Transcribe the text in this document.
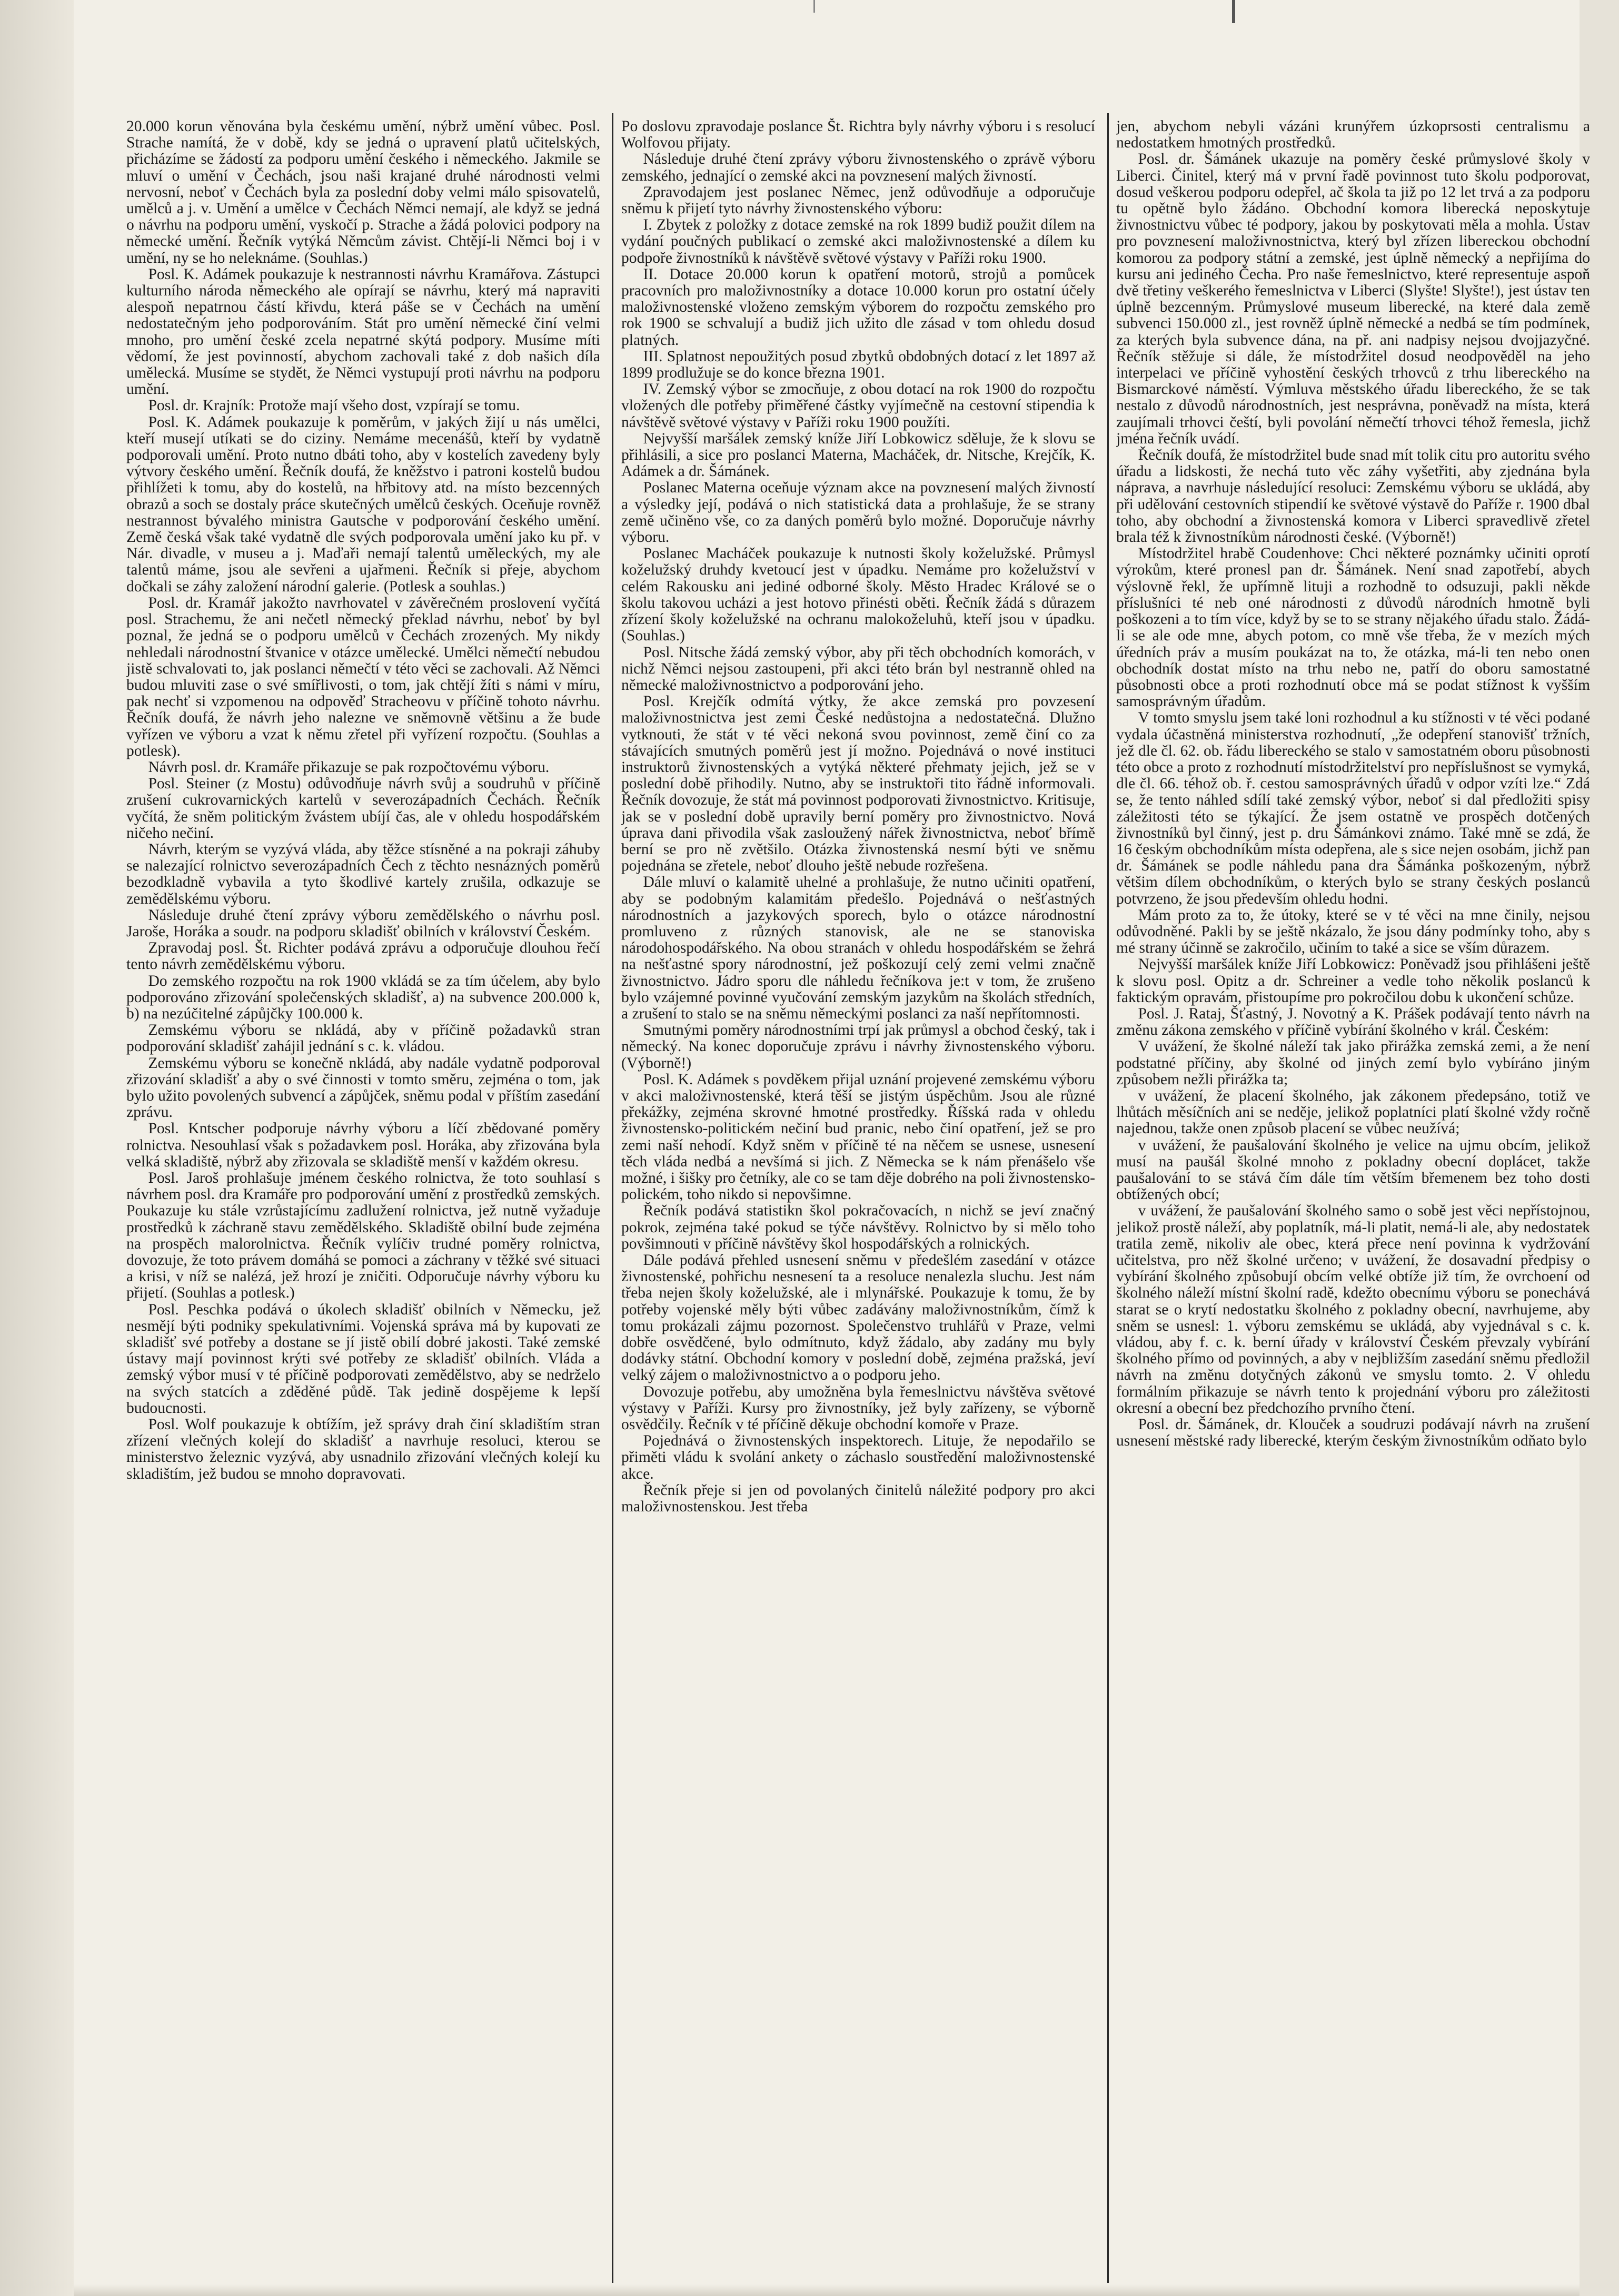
20.000 korun věnována byla českému umění, nýbrž umění vůbec. Posl. Strache namítá, že v době, kdy se jedná o upravení platů učitelských, přicházíme se žádostí za podporu umění českého i německého. Jakmile se mluví o umění v Čechách, jsou naši krajané druhé národnosti velmi nervosní, neboť v Čechách byla za poslední doby velmi málo spisovatelů, umělců a j. v. Umění a umělce v Čechách Němci nemají, ale když se jedná o návrhu na podporu umění, vyskočí p. Strache a žádá polovici podpory na německé umění. Řečník vytýká Němcům závist. Chtějí-li Němci boj i v umění, ny se ho neleknáme. (Souhlas.)

Posl. K. Adámek poukazuje k nestrannosti návrhu Kramářova. Zástupci kulturního národa německého ale opírají se návrhu, který má napraviti alespoň nepatrnou částí křivdu, která páše se v Čechách na umění nedostatečným jeho podporováním. Stát pro umění německé činí velmi mnoho, pro umění české zcela nepatrné skýtá podpory. Musíme míti vědomí, že jest povinností, abychom zachovali také z dob našich díla umělecká. Musíme se stydět, že Němci vystupují proti návrhu na podporu umění.

Posl. dr. Krajník: Protože mají všeho dost, vzpírají se tomu.

Posl. K. Adámek poukazuje k poměrům, v jakých žijí u nás umělci, kteří musejí utíkati se do ciziny. Nemáme mecenášů, kteří by vydatně podporovali umění. Proto nutno dbáti toho, aby v kostelích zavedeny byly výtvory českého umění. Řečník doufá, že kněžstvo i patroni kostelů budou přihlížeti k tomu, aby do kostelů, na hřbitovy atd. na místo bezcenných obrazů a soch se dostaly práce skutečných umělců českých. Oceňuje rovněž nestrannost bývalého ministra Gautsche v podporování českého umění. Země česká však také vydatně dle svých podporovala umění jako ku př. v Nár. divadle, v museu a j. Maďaři nemají talentů uměleckých, my ale talentů máme, jsou ale sevřeni a ujařmeni. Řečník si přeje, abychom dočkali se záhy založení národní galerie. (Potlesk a souhlas.)

Posl. dr. Kramář jakožto navrhovatel v závěrečném proslovení vyčítá posl. Strachemu, že ani nečetl německý překlad návrhu, neboť by byl poznal, že jedná se o podporu umělců v Čechách zrozených. My nikdy nehledali národnostní štvanice v otázce umělecké. Umělci němečtí nebudou jistě schvalovati to, jak poslanci němečtí v této věci se zachovali. Až Němci budou mluviti zase o své smířlivosti, o tom, jak chtějí žíti s námi v míru, pak nechť si vzpomenou na odpověď Stracheovu v příčině tohoto návrhu. Řečník doufá, že návrh jeho nalezne ve sněmovně většinu a že bude vyřízen ve výboru a vzat k němu zřetel při vyřízení rozpočtu. (Souhlas a potlesk).

Návrh posl. dr. Kramáře přikazuje se pak rozpočtovému výboru.

Posl. Steiner (z Mostu) odůvodňuje návrh svůj a soudruhů v příčině zrušení cukrovarnických kartelů v severozápadních Čechách. Řečník vyčítá, že sněm politickým žvástem ubíjí čas, ale v ohledu hospodářském ničeho nečiní.

Návrh, kterým se vyzývá vláda, aby těžce stísněné a na pokraji záhuby se nalezající rolnictvo severozápadních Čech z těchto nesnázných poměrů bezodkladně vybavila a tyto škodlivé kartely zrušila, odkazuje se zemědělskému výboru.

Následuje druhé čtení zprávy výboru zemědělského o návrhu posl. Jaroše, Horáka a soudr. na podporu skladišť obilních v království Českém.

Zpravodaj posl. Št. Richter podává zprávu a odporučuje dlouhou řečí tento návrh zemědělskému výboru.

Do zemského rozpočtu na rok 1900 vkládá se za tím účelem, aby bylo podporováno zřizování společenských skladišť, a) na subvence 200.000 k, b) na nezúčitelné zápůjčky 100.000 k.

Zemskému výboru se nkládá, aby v příčině požadavků stran podporování skladišť zahájil jednání s c. k. vládou.

Zemskému výboru se konečně nkládá, aby nadále vydatně podporoval zřizování skladišť a aby o své činnosti v tomto směru, zejména o tom, jak bylo užito povolených subvencí a zápůjček, sněmu podal v příštím zasedání zprávu.

Posl. Kntscher podporuje návrhy výboru a líčí zbědované poměry rolnictva. Nesouhlasí však s požadavkem posl. Horáka, aby zřizována byla velká skladiště, nýbrž aby zřizovala se skladiště menší v každém okresu.

Posl. Jaroš prohlašuje jménem českého rolnictva, že toto souhlasí s návrhem posl. dra Kramáře pro podporování umění z prostředků zemských. Poukazuje ku stále vzrůstajícímu zadlužení rolnictva, jež nutně vyžaduje prostředků k záchraně stavu zemědělského. Skladiště obilní bude zejména na prospěch malorolnictva. Řečník vylíčiv trudné poměry rolnictva, dovozuje, že toto právem domáhá se pomoci a záchrany v těžké své situaci a krisi, v níž se nalézá, jež hrozí je zničiti. Odporučuje návrhy výboru ku přijetí. (Souhlas a potlesk.)

Posl. Peschka podává o úkolech skladišť obilních v Německu, jež nesmějí býti podniky spekulativními. Vojenská správa má by kupovati ze skladišť své potřeby a dostane se jí jistě obilí dobré jakosti. Také zemské ústavy mají povinnost krýti své potřeby ze skladišť obilních. Vláda a zemský výbor musí v té příčině podporovati zemědělstvo, aby se nedrželo na svých statcích a zděděné půdě. Tak jedině dospějeme k lepší budoucnosti.

Posl. Wolf poukazuje k obtížím, jež správy drah činí skladištím stran zřízení vlečných kolejí do skladišť a navrhuje resoluci, kterou se ministerstvo železnic vyzývá, aby usnadnilo zřizování vlečných kolejí ku skladištím, jež budou se mnoho dopravovati.

Po doslovu zpravodaje poslance Št. Richtra byly návrhy výboru i s resolucí Wolfovou přijaty.

Následuje druhé čtení zprávy výboru živnostenského o zprávě výboru zemského, jednající o zemské akci na povznesení malých živností.

Zpravodajem jest poslanec Němec, jenž odůvodňuje a odporučuje sněmu k přijetí tyto návrhy živnostenského výboru:

I. Zbytek z položky z dotace zemské na rok 1899 budiž použit dílem na vydání poučných publikací o zemské akci maloživnostenské a dílem ku podpoře živnostníků k návštěvě světové výstavy v Paříži roku 1900.

II. Dotace 20.000 korun k opatření motorů, strojů a pomůcek pracovních pro maloživnostníky a dotace 10.000 korun pro ostatní účely maloživnostenské vloženo zemským výborem do rozpočtu zemského pro rok 1900 se schvalují a budiž jich užito dle zásad v tom ohledu dosud platných.

III. Splatnost nepoužitých posud zbytků obdobných dotací z let 1897 až 1899 prodlužuje se do konce března 1901.

IV. Zemský výbor se zmocňuje, z obou dotací na rok 1900 do rozpočtu vložených dle potřeby přiměřené částky vyjímečně na cestovní stipendia k návštěvě světové výstavy v Paříži roku 1900 použíti.

Nejvyšší maršálek zemský kníže Jiří Lobkowicz sděluje, že k slovu se přihlásili, a sice pro poslanci Materna, Macháček, dr. Nitsche, Krejčík, K. Adámek a dr. Šámánek.

Poslanec Materna oceňuje význam akce na povznesení malých živností a výsledky její, podává o nich statistická data a prohlašuje, že se strany země učiněno vše, co za daných poměrů bylo možné. Doporučuje návrhy výboru.

Poslanec Macháček poukazuje k nutnosti školy koželužské. Průmysl koželužský druhdy kvetoucí jest v úpadku. Nemáme pro koželužství v celém Rakousku ani jediné odborné školy. Město Hradec Králové se o školu takovou ucházi a jest hotovo přinésti oběti. Řečník žádá s důrazem zřízení školy koželužské na ochranu malokoželuhů, kteří jsou v úpadku. (Souhlas.)

Posl. Nitsche žádá zemský výbor, aby při těch obchodních komorách, v nichž Němci nejsou zastoupeni, při akci této brán byl nestranně ohled na německé maloživnostnictvo a podporování jeho.

Posl. Krejčík odmítá výtky, že akce zemská pro povzesení maloživnostnictva jest zemi České nedůstojna a nedostatečná. Dlužno vytknouti, že stát v té věci nekoná svou povinnost, země činí co za stávajících smutných poměrů jest jí možno. Pojednává o nové instituci instruktorů živnostenských a vytýká některé přehmaty jejich, jež se v poslední době přihodily. Nutno, aby se instruktoři tito řádně informovali. Řečník dovozuje, že stát má povinnost podporovati živnostnictvo. Kritisuje, jak se v poslední době upravily berní poměry pro živnostnictvo. Nová úprava dani přivodila však zasloužený nářek živnostnictva, neboť břímě berní se pro ně zvětšilo. Otázka živnostenská nesmí býti ve sněmu pojednána se zřetele, neboť dlouho ještě nebude rozřešena.

Dále mluví o kalamitě uhelné a prohlašuje, že nutno učiniti opatření, aby se podobným kalamitám předešlo. Pojednává o nešťastných národnostních a jazykových sporech, bylo o otázce národnostní promluveno z různých stanovisk, ale ne se stanoviska národohospodářského. Na obou stranách v ohledu hospodářském se žehrá na nešťastné spory národnostní, jež poškozují celý zemi velmi značně živnostnictvo. Jádro sporu dle náhledu řečníkova je:t v tom, že zrušeno bylo vzájemné povinné vyučování zemským jazykům na školách středních, a zrušení to stalo se na sněmu německými poslanci za naší nepřítomnosti.

Smutnými poměry národnostními trpí jak průmysl a obchod český, tak i německý. Na konec doporučuje zprávu i návrhy živnostenského výboru. (Výborně!)

Posl. K. Adámek s povděkem přijal uznání projevené zemskému výboru v akci maloživnostenské, která těší se jistým úspěchům. Jsou ale různé překážky, zejména skrovné hmotné prostředky. Říšská rada v ohledu živnostensko-politickém nečiní bud pranic, nebo činí opatření, jež se pro zemi naší nehodí. Když sněm v příčině té na něčem se usnese, usnesení těch vláda nedbá a nevšímá si jich. Z Německa se k nám přenášelo vše možné, i šišky pro četníky, ale co se tam děje dobrého na poli živnostensko-polickém, toho nikdo si nepovšimne.

Řečník podává statistikn škol pokračovacích, n nichž se jeví značný pokrok, zejména také pokud se týče návštěvy. Rolnictvo by si mělo toho povšimnouti v příčině návštěvy škol hospodářských a rolnických.

Dále podává přehled usnesení sněmu v předešlém zasedání v otázce živnostenské, pohřichu nesnesení ta a resoluce nenalezla sluchu. Jest nám třeba nejen školy koželužské, ale i mlynářské. Poukazuje k tomu, že by potřeby vojenské měly býti vůbec zadávány maloživnostníkům, čímž k tomu prokázali zájmu pozornost. Společenstvo truhlářů v Praze, velmi dobře osvědčené, bylo odmítnuto, když žádalo, aby zadány mu byly dodávky státní. Obchodní komory v poslední době, zejména pražská, jeví velký zájem o maloživnostnictvo a o podporu jeho.

Dovozuje potřebu, aby umožněna byla řemeslnictvu návštěva světové výstavy v Paříži. Kursy pro živnostníky, jež byly zařízeny, se výborně osvědčily. Řečník v té příčině děkuje obchodní komoře v Praze.

Pojednává o živnostenských inspektorech. Lituje, že nepodařilo se přiměti vládu k svolání ankety o záchaslo soustředění maloživnostenské akce.

Řečník přeje si jen od povolaných činitelů náležité podpory pro akci maloživnostenskou. Jest třeba

jen, abychom nebyli vázáni krunýřem úzkoprsosti centralismu a nedostatkem hmotných prostředků.

Posl. dr. Šámánek ukazuje na poměry české průmyslové školy v Liberci. Činitel, který má v první řadě povinnost tuto školu podporovat, dosud veškerou podporu odepřel, ač škola ta již po 12 let trvá a za podporu tu opětně bylo žádáno. Obchodní komora liberecká neposkytuje živnostnictvu vůbec té podpory, jakou by poskytovati měla a mohla. Ústav pro povznesení maloživnostnictva, který byl zřízen libereckou obchodní komorou za podpory státní a zemské, jest úplně německý a nepřijíma do kursu ani jediného Čecha. Pro naše řemeslnictvo, které representuje aspoň dvě třetiny veškerého řemeslnictva v Liberci (Slyšte! Slyšte!), jest ústav ten úplně bezcenným. Průmyslové museum liberecké, na které dala země subvenci 150.000 zl., jest rovněž úplně německé a nedbá se tím podmínek, za kterých byla subvence dána, na př. ani nadpisy nejsou dvojjazyčné. Řečník stěžuje si dále, že místodržitel dosud neodpověděl na jeho interpelaci ve příčině vyhostění českých trhovců z trhu libereckého na Bismarckové náměstí. Výmluva městského úřadu libereckého, že se tak nestalo z důvodů národnostních, jest nesprávna, poněvadž na místa, která zaujímali trhovci čeští, byli povolání němečtí trhovci téhož řemesla, jichž jména řečník uvádí.

Řečník doufá, že místodržitel bude snad mít tolik citu pro autoritu svého úřadu a lidskosti, že nechá tuto věc záhy vyšetřiti, aby zjednána byla náprava, a navrhuje následující resoluci: Zemskému výboru se ukládá, aby při udělování cestovních stipendií ke světové výstavě do Paříže r. 1900 dbal toho, aby obchodní a živnostenská komora v Liberci spravedlivě zřetel brala též k živnostníkům národnosti české. (Výborně!)

Místodržitel hrabě Coudenhove: Chci některé poznámky učiniti oprotí výrokům, které pronesl pan dr. Šámánek. Není snad zapotřebí, abych výslovně řekl, že upřímně lituji a rozhodně to odsuzuji, pakli někde příslušníci té neb oné národnosti z důvodů národních hmotně byli poškozeni a to tím více, když by se to se strany nějakého úřadu stalo. Žádá-li se ale ode mne, abych potom, co mně vše třeba, že v mezích mých úředních práv a musím poukázat na to, že otázka, má-li ten nebo onen obchodník dostat místo na trhu nebo ne, patří do oboru samostatné působnosti obce a proti rozhodnutí obce má se podat stížnost k vyšším samosprávným úřadům.

V tomto smyslu jsem také loni rozhodnul a ku stížnosti v té věci podané vydala účastněná ministerstva rozhodnutí, „že odepření stanovišť tržních, jež dle čl. 62. ob. řádu libereckého se stalo v samostatném oboru působnosti této obce a proto z rozhodnutí místodržitelství pro nepříslušnost se vymyká, dle čl. 66. téhož ob. ř. cestou samosprávných úřadů v odpor vzíti lze.“ Zdá se, že tento náhled sdílí také zemský výbor, neboť si dal předložiti spisy záležitosti této se týkající. Že jsem ostatně ve prospěch dotčených živnostníků byl činný, jest p. dru Šámánkovi známo. Také mně se zdá, že 16 českým obchodníkům místa odepřena, ale s sice nejen osobám, jichž pan dr. Šámánek se podle náhledu pana dra Šámánka poškozeným, nýbrž většim dílem obchodníkům, o kterých bylo se strany českých poslanců potvrzeno, že jsou především ohledu hodni.

Mám proto za to, že útoky, které se v té věci na mne činily, nejsou odůvodněné. Pakli by se ještě nkázalo, že jsou dány podmínky toho, aby s mé strany účinně se zakročilo, učiním to také a sice se vším důrazem.

Nejvyšší maršálek kníže Jiří Lobkowicz: Poněvadž jsou přihlášeni ještě k slovu posl. Opitz a dr. Schreiner a vedle toho několik poslanců k faktickým opravám, přistoupíme pro pokročilou dobu k ukončení schůze.

Posl. J. Rataj, Šťastný, J. Novotný a K. Prášek podávají tento návrh na změnu zákona zemského v příčině vybírání školného v král. Českém:

V uvážení, že školné náleží tak jako přirážka zemská zemi, a že není podstatné příčiny, aby školné od jiných zemí bylo vybíráno jiným způsobem nežli přirážka ta;

v uvážení, že placení školného, jak zákonem předepsáno, totiž ve lhůtách měsíčních ani se neděje, jelikož poplatníci platí školné vždy ročně najednou, takže onen způsob placení se vůbec neužívá;

v uvážení, že paušalování školného je velice na ujmu obcím, jelikož musí na paušál školné mnoho z pokladny obecní doplácet, takže paušalování to se stává čím dále tím větším břemenem bez toho dosti obtížených obcí;

v uvážení, že paušalování školného samo o sobě jest věci nepřístojnou, jelikož prostě náleží, aby poplatník, má-li platit, nemá-li ale, aby nedostatek tratila země, nikoliv ale obec, která přece není povinna k vydržování učitelstva, pro něž školné určeno; v uvážení, že dosavadní předpisy o vybírání školného způsobují obcím velké obtíže již tím, že ovrchoení od školného náleží místní školní radě, kdežto obecnímu výboru se ponechává starat se o krytí nedostatku školného z pokladny obecní, navrhujeme, aby sněm se usnesl: 1. výboru zemskému se ukládá, aby vyjednával s c. k. vládou, aby f. c. k. berní úřady v království Českém převzaly vybírání školného přímo od povinných, a aby v nejbližším zasedání sněmu předložil návrh na změnu dotyčných zákonů ve smyslu tomto. 2. V ohledu formálním přikazuje se návrh tento k projednání výboru pro záležitosti okresní a obecní bez předchozího prvního čtení.

Posl. dr. Šámánek, dr. Klouček a soudruzi podávají návrh na zrušení usnesení městské rady liberecké, kterým českým živnostníkům odňato bylo
